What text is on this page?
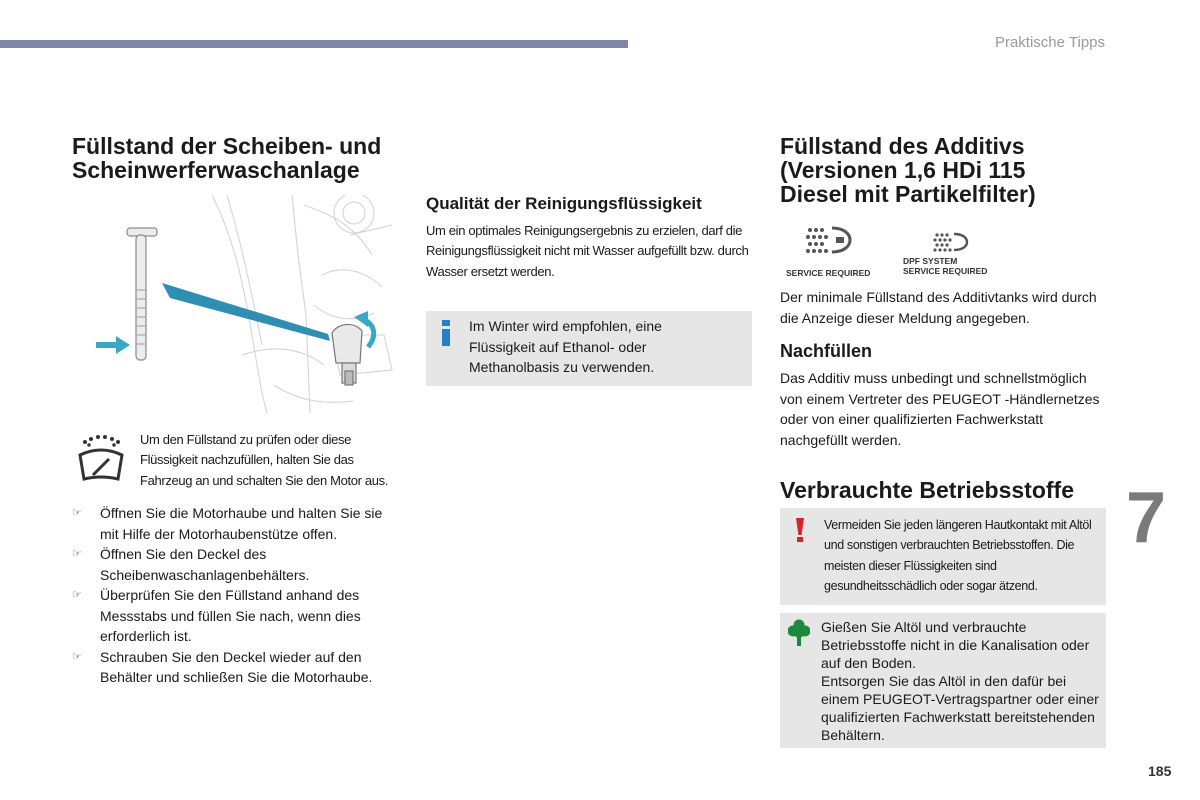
Praktische Tipps
Füllstand der Scheiben- und
Scheinwerferwaschanlage
Um den Füllstand zu prüfen oder diese Flüssigkeit nachzufüllen, halten Sie das Fahrzeug an und schalten Sie den Motor aus.
☞ Öffnen Sie die Motorhaube und halten Sie sie mit Hilfe der Motorhaubenstütze offen.
☞ Öffnen Sie den Deckel des Scheibenwaschanlagenbehälters.
☞ Überprüfen Sie den Füllstand anhand des Messstabs und füllen Sie nach, wenn dies erforderlich ist.
☞ Schrauben Sie den Deckel wieder auf den Behälter und schließen Sie die Motorhaube.
Qualität der Reinigungsflüssigkeit
Um ein optimales Reinigungsergebnis zu erzielen, darf die Reinigungsflüssigkeit nicht mit Wasser aufgefüllt bzw. durch Wasser ersetzt werden.
Im Winter wird empfohlen, eine Flüssigkeit auf Ethanol- oder Methanolbasis zu verwenden.
Füllstand des Additivs
(Versionen 1,6 HDi 115
Diesel mit Partikelfilter)
SERVICE REQUIRED
DPF SYSTEM
SERVICE REQUIRED
Der minimale Füllstand des Additivtanks wird durch die Anzeige dieser Meldung angegeben.
Nachfüllen
Das Additiv muss unbedingt und schnellstmöglich von einem Vertreter des PEUGEOT -Händlernetzes oder von einer qualifizierten Fachwerkstatt nachgefüllt werden.
Verbrauchte Betriebsstoffe
Vermeiden Sie jeden längeren Hautkontakt mit Altöl und sonstigen verbrauchten Betriebsstoffen. Die meisten dieser Flüssigkeiten sind gesundheitsschädlich oder sogar ätzend.
Gießen Sie Altöl und verbrauchte Betriebsstoffe nicht in die Kanalisation oder auf den Boden.
Entsorgen Sie das Altöl in den dafür bei einem PEUGEOT-Vertragspartner oder einer qualifizierten Fachwerkstatt bereitstehenden Behältern.
7
185
